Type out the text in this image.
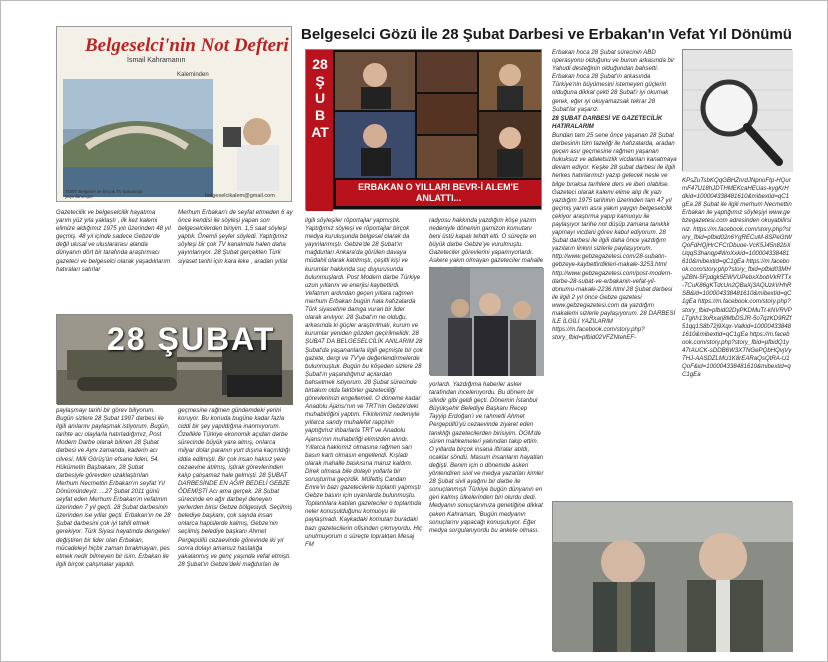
Belgeselci'nin Not Defteri
İsmail Kahramanın
Kaleminden
TGRT Belgesel ve birçok TV kanalında yayınlanmıştır	belgeselcikalem@gmail.com
Belgeselci Gözü İle 28 Şubat Darbesi ve Erbakan'ın Vefat Yıl Dönümü

Gazetecilik ve belgeselcilik hayatıma yarım yüz yıla yaklaştı , ilk kez kalemi elimize aldığımız 1975 yılı üzerinden 48 yıl geçmiş. 48 yıl içinde sadece Gebze'de değil ulusal ve uluslararası alanda dünyanın dört bir tarafında araştırmacı gazeteci ve belgeselci olarak yaşadıklarım hatıraları satırlar

Merhum Erbakan'ı de seyfat etmeden 6 ay önce kendisi ile söyleşi yapan son belgeselcilerden biriyim. 1,5 saat söyleşi yaptık. Önemli şeyler söyledi. Yaptığımız söyleşi bir çok TV kanalında halen daha yayınlanıyor. 28 Şubat gerçekten Türk siyaset tarihi için kara leke , aradan yıllar

28 ŞUBAT

paylaşmayı tarihi bir görev biliyorum. Bugün sizlere 28 Şubat 1997 darbesi ile ilgili anılarını paylaşmak istiyorum. Bugün, tarihte acı olaylarla hatırladığımız, Post Modern Darbe olarak bilinen 28 Şubat darbesi ve Aynı zamanda, kaderin acı cilvesi, Milli Görüş'ün efsane lideri, 54. Hükümetin Başbakanı, 28 Şubat darbesiyle görevden uzaklaştırılan Merhum Necmettin Erbakan'ın seyfat Yıl Dönümündeyiz. ...27 Şubat 2011 günü seyfat eden Merhum Erbakan'ın vefatının üzerinden 7 yıl geçti. 28 Şubat darbesinin üzerinden ise yıllar geçti. Erbakan'ın ne 28 Şubat darbesini çok iyi tahlil etmek gerekiyor. Türk Siyasi hayatında dengeleri değiştiren bir lider olan Erbakan, mücadeleyi hiçbir zaman bırakmayan, pes etmek nedir bilmeyen bir isim. Erbakan ile ilgili birçok çalışmalar yapıldı.

geçmesine rağmen gündemdeki yerini koruyor. Bu konuda bugüne kadar fazla ciddi bir şey yapıldığına inanmıyorum. Özellikle Türkiye ekonomik açıdan darbe sürecinde büyük yara almış, onlarca milyar dolar paranın yurt dışına kaçırıldığı iddia edilmişti. Bir çok insan haksız yere cezaevine atılmış, iştirak görevlerinden kalıp çalışamaz hale gelmişti. 28 ŞUBAT DARBESİNDE EN AĞIR BEDELİ GEBZE ÖDEMİŞTİ Acı ama gerçek. 28 Şubat sürecinde en ağır darbeyi deneyen yerlerden birisi Gebze bölgesiydi. Seçilmiş belediye başkanı, çok sayıda insan onlarca hapislerde kalmış, Gebze'nin seçilmiş belediye başkanı Ahmet Pergepüllü cezaevinde görevinde iki yıl sonra dolayı amansız hastalığa yakalanmış ve genç yaşında vefat etmişti. 28 Şubat'ın Gebze'deki mağdurları ile

28 ŞUBAT
ERBAKAN O YILLARI BEVR-İ ALEM'E ANLATTI...

ilgili söyleşiler röportajlar yapmıştık. Yaptığımız söyleşi ve röportajlar birçok medya kuruluşunda belgesel olarak da yayınlanmıştı. Gebze'de 28 Şubat'ın mağdurları Ankara'da görülen davaya müdahil olarak katılmıştı, çeşitli kişi ve kurumlar hakkında suç duyurusunda bulunmuşlardı. Post Modern darbe Türkiye uzun yıllarını ve enerjisi kaybettirdi. Vefatının ardından geçen yıllara rağmen merhum Erbakan bugün hala hafızalarda Türk siyasetine damga vuran bir lider olarak anılıyor. 28 Şubat'ın ne olduğu, arkasında ki güçler araştırılmalı, kurum ve kurumlar yeniden gözden geçirilmelidir. 28 ŞUBAT DA BELGESELCİLİK ANILARIM 28 Şubat'da yaşananlarla ilgili geçmişte bir çok gazete, dergi ve TV'ye değerlendirmelerde bulunmuştuk. Bugün bu köşeden sizlere 28 Şubat'ın yaşandığımız açılardan bahsetmek istiyorum. 28 Şubat sürecinde birtakım olda faktörler gazeteciliği görevlerimizi engellemeli. O döneme kadar Anadolu Ajansı'nın ve TRT'nin Gebze'deki muhabirliğini yaptım. Fikirlerimiz nedeniyle yıllarca sandy muhalefet rapçinin yaptığımız ihbarlarla TRT ve Anadolu Ajansı'nın muhabirliği elimizden alındı. Yıllarca hakkımız olmasına rağmen sarı basın kartı olmasın engellendi. Kışladı olarak mahalle baskısına maruz kaldım. Direk olmasa bile dolaylı yollarla bir soruşturma geçirdik. Müfettiş Candan Emre'in bazı gazetecilerle toplantı yapmıştı Gebze basını için uyarılarda bulunmuştu. Toplantılara katılan gazeteciler o toplantıda neler konuşulduğunu komuoyu ile paylaşmadı. Kaykadaki komutan buradaki bazı gazetecilerin ofisinden çıkmıyordu. Hiç unutmuyorum o süreçte topraktan Mesaj FM

radyosu hakkında yazdığım köşe yazım nedeniyle dönemin garnizon komutanı beni üstü kapalı tehdit etti. O süreçte en büyük darbe Gebze'ye vurulmuştu. Gazeteciler görevlerini yapamıyorlardı. Askere yakın olmayan gazeteciler mahalle

yorlardı. Yazdığıma haberler asker tarafından incelenıyordu. Bu dönem bir silindir gibi geldi geçti. Dönemin İstanbul Büyükşehir Belediye Başkanı Recep Tayyip Erdoğan'ı ve rahmetli Ahmet Pergepüllü'yü cezaevinde ziyaret eden tanıklığı gazetecilerden birisiyim. DGM'de süren mahkemeleri yakından takip ettim. O yıllarda birçok insana iftiralar atıldı, ocaklar söndü. Masum insanların hayatları değişti. Benim için o dönemde askeri yönlendiren sivil ve medya yazarları kimler 28 Şubat sivil ayağını bir darbe ile sonuçlanmıştı Türkiye bugün dünyanın en geri kalmış ülkelerinden biri olurdu dedi. Medyanın sonuçlarımıza genetiğine dikkat çeken Kahraman, 'Bugün medyanın sonuçlarını yapacağı konuşuluyor. Eğer medya sorgulanıyordu bu ankete olması.

Erbakan hoca 28 Şubat sürecinin ABD operasyonu olduğunu ve bunun arkasında bir Yahudi desteğinin olduğundan bahsetti. Erbakan hoca 28 Şubat'ın arkasında Türkiye'nin büyümesini istemeyen güçlerin olduğuna dikkat çekti 28 Şubat'ı iyi okumak gerek, eğer iyi okuyamazsak tekrar 28 Şubat'lar yaşarız.

28 ŞUBAT DARBESİ VE GAZETECİLİK HATIRALARIM

Bundan tam 25 sene önce yaşanan 28 Şubat darbesinin tüm tazeliği ile hafızalarda, aradan geçen asır geçmesine rağmen yaşanan hukuksuz ve adaletsizlik vicdanları kanatmaya devam ediyor. Keşke 28 şubat darbesi ile ilgili herkes hatırlarımızı yazıp gelecek nesle ve bilge bıraksa tarihlere ders ve iberi olabilse. Gazeteci olarak kalemi elime alıp ilk yazı yazdığım 1975 tarihinin üzerinden tam 47 yıl geçmiş yarım asra yakın yaygın belgeselcilik çekiyor araştırma yapıp kamuoyu ile paylaşıyor tarihe not düşüp zamana tanıklık yapmayı vicdani görev kabul ediyorum. 28 Şubat darbesi ile ilgili daha önce yazdığım yazıların linkini sizlerle paylaşıyorum. http://www.gebzegazetesi.com/28-subatin-gebzeye-kaybettirdikleri-makale-3253.html http://www.gebzegazetesi.com/post-modern-darbe-28-subat-ve-erbakanin-vefat-yil-donumu-makale-2236.html 28 Şubat darbesi ile ilgili 2 yıl önce Gebze gazetesi www.gebzegazetesi.com da yazdığım makalemi sizlerle paylaşıyorum. 28 DARBESİ İLE İLGİLİ YAZILARIM https://m.facebook.com/story.php?story_fbid=pfbid02VFZNtehEF-

KPsZuTsbKQqGBHZnrdJNpnoFtp-HQurmF47U18hJDTHMEKcaHEUas-kygKrHdkid=100004338481610&mibextid=qC1gEa 28 Şubat ile ilgili merhum Necmettin Erbakan ile yaptığımız söyleşiyi www.gebzegazetesi.com adresinden okuyabilirsiniz. https://m.facebook.com/story.php?story_fbid=pfbid02n6YgRECuM-8SPeGtWQoFdHQjHrCFCrDbuoe-VcK5J45n82bXUqqS3hanqp4WoXxkid=100004338481610&mibextid=qC1gEa https://m.facebook.com/story.php?story_fbid=pfbid03MHyZBN-5Fpdgk5EWVUPebxXbobVkRTTx-7CuK86gKTdcUn2QBaXj3AQUzkVHhRSB&id=100004338481610&mibextid=qC1gEa https://m.facebook.com/story.php?story_fbid=pfbid02DyPKDMuTt-kNVRVPLTghh13oRxarj8MbDSJR-5o7qzKD9RZf51qq1S8b72j9Xqx-Valkid=100004338481610&mibextid=qC1gEa https://m.facebook.com/story.php?story_fbid=pfbidQ1y47rAUCK-sDDB6W3XTNGePQbHQvjVyTHJ-AASDZLMU1K8rEARaQsQtRA-U1QoF&id=100004338481610&mibextid=qC1gEa
